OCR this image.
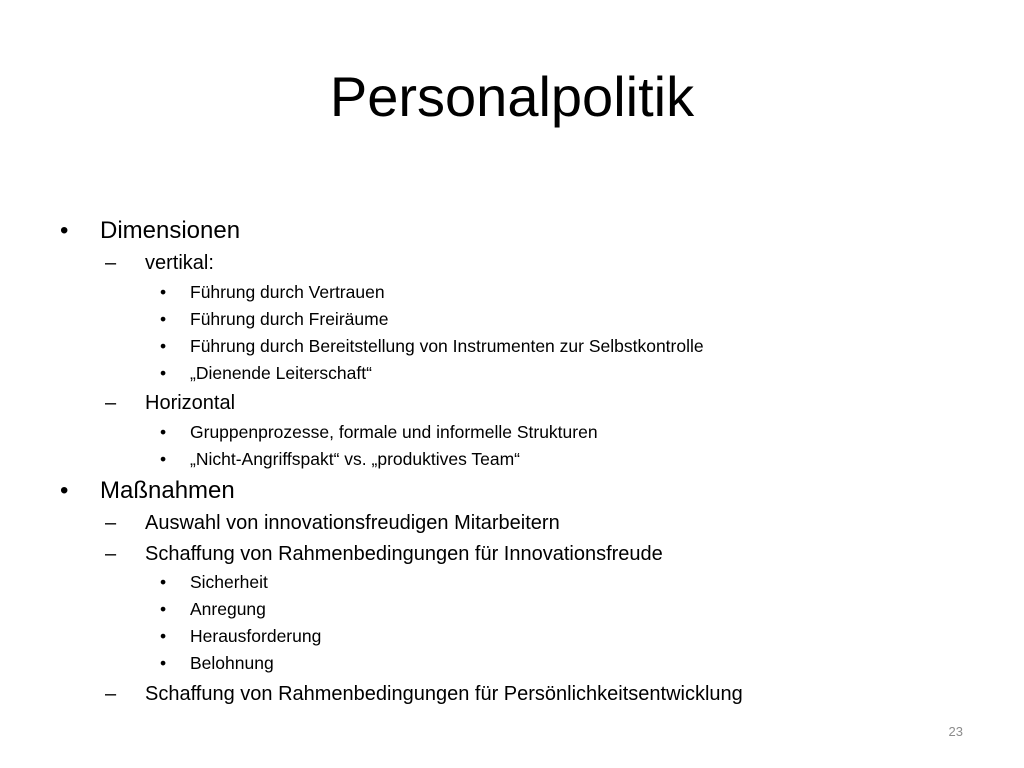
Personalpolitik
• Dimensionen
– vertikal:
• Führung durch Vertrauen
• Führung durch Freiräume
• Führung durch Bereitstellung von Instrumenten zur Selbstkontrolle
• „Dienende Leiterschaft“
– Horizontal
• Gruppenprozesse, formale und informelle Strukturen
• „Nicht-Angriffspakt“ vs. „produktives Team“
• Maßnahmen
– Auswahl von innovationsfreudigen Mitarbeitern
– Schaffung von Rahmenbedingungen für Innovationsfreude
• Sicherheit
• Anregung
• Herausforderung
• Belohnung
– Schaffung von Rahmenbedingungen für Persönlichkeitsentwicklung
23
